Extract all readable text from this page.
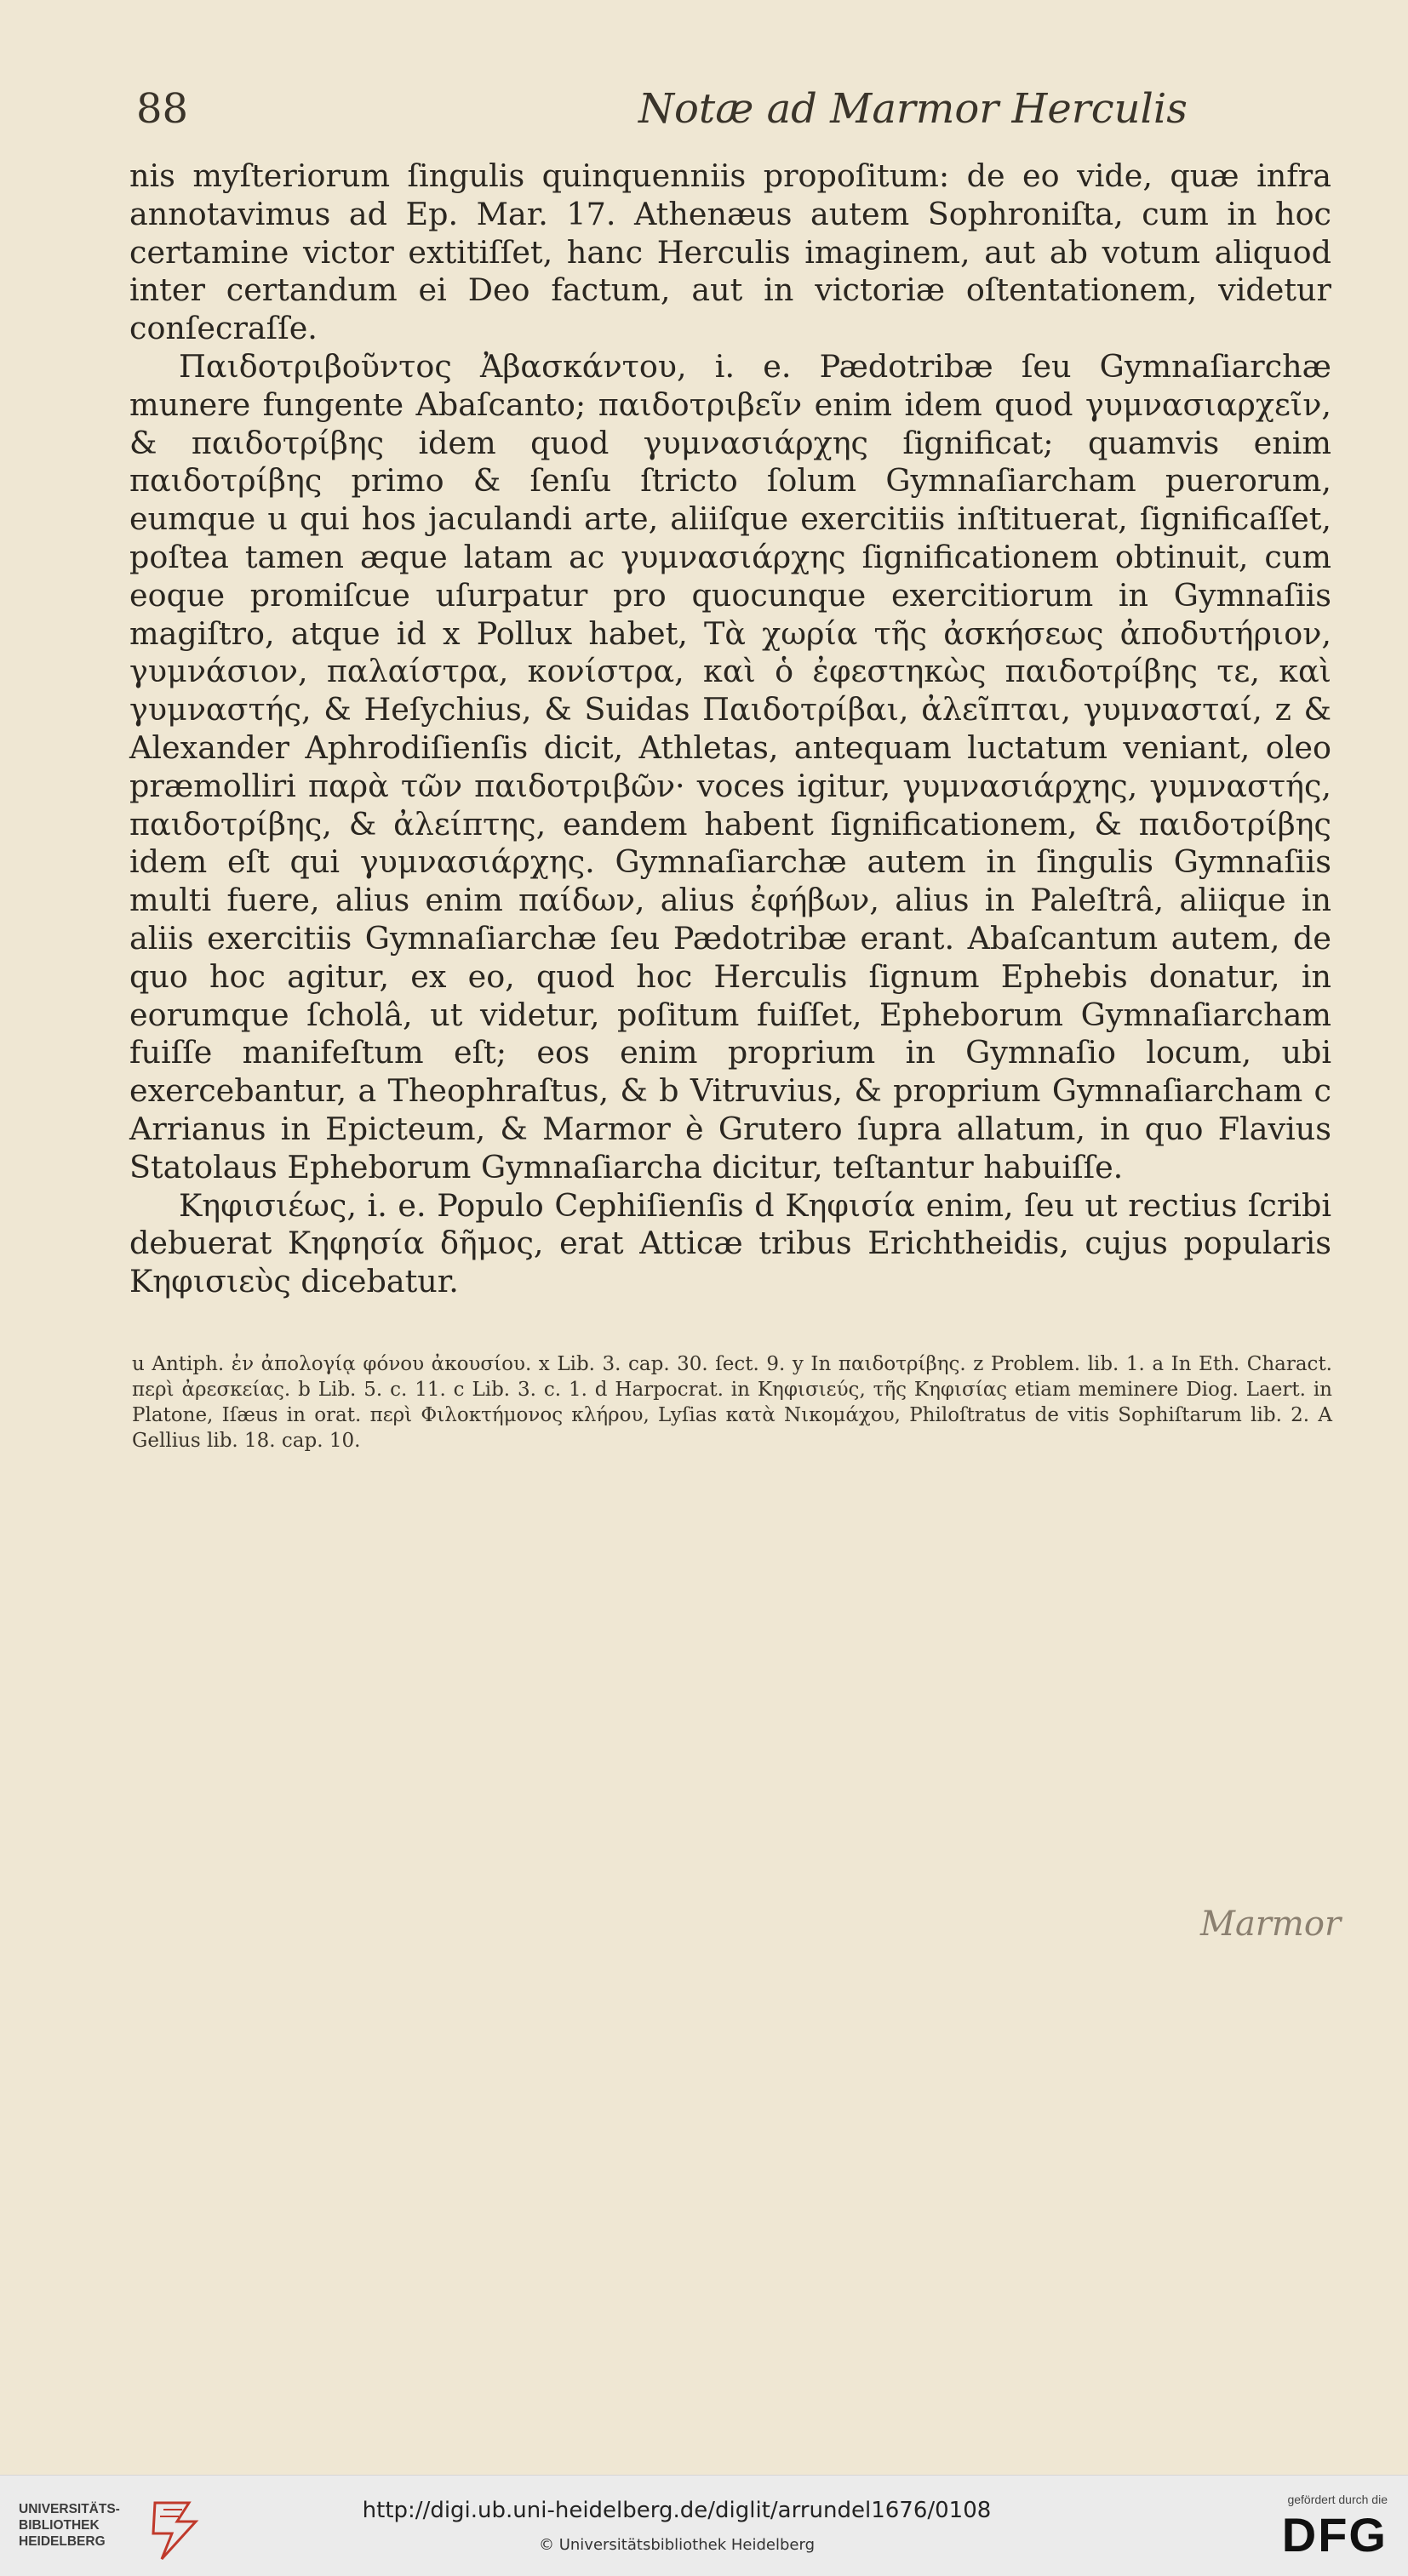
88	Notæ ad Marmor Herculis

nis myſteriorum ſingulis quinquenniis propoſitum: de eo vide, quæ infra annotavimus ad Ep. Mar. 17. Athenæus autem Sophroniſta, cum in hoc certamine victor extitiſſet, hanc Herculis imaginem, aut ab votum aliquod inter certandum ei Deo factum, aut in victoriæ oſtentationem, videtur conſecraſſe.

Παιδοτριβοῦντος Ἀβασκάντου, i. e. Pædotribæ ſeu Gymnaſiarchæ munere fungente Abaſcanto; παιδοτριβεῖν enim idem quod γυμνασιαρχεῖν, & παιδοτρίβης idem quod γυμνασιάρχης ſignificat; quamvis enim παιδοτρίβης primo & ſenſu ſtricto ſolum Gymnaſiarcham puerorum, eumque u qui hos jaculandi arte, aliiſque exercitiis inſtituerat, ſignificaſſet, poſtea tamen æque latam ac γυμνασιάρχης ſignificationem obtinuit, cum eoque promiſcue uſurpatur pro quocunque exercitiorum in Gymnaſiis magiſtro, atque id x Pollux habet, Τὰ χωρία τῆς ἀσκήσεως ἀποδυτήριον, γυμνάσιον, παλαίστρα, κονίστρα, καὶ ὁ ἐφεστηκὼς παιδοτρίβης τε, καὶ γυμναστής, & Heſychius, & Suidas Παιδοτρίβαι, ἀλεῖπται, γυμνασταί, z & Alexander Aphrodiſienſis dicit, Athletas, antequam luctatum veniant, oleo præmolliri παρὰ τῶν παιδοτριβῶν· voces igitur, γυμνασιάρχης, γυμναστής, παιδοτρίβης, & ἀλείπτης, eandem habent ſignificationem, & παιδοτρίβης idem eſt qui γυμνασιάρχης. Gymnaſiarchæ autem in ſingulis Gymnaſiis multi fuere, alius enim παίδων, alius ἐφήβων, alius in Paleſtrâ, aliique in aliis exercitiis Gymnaſiarchæ ſeu Pædotribæ erant. Abaſcantum autem, de quo hoc agitur, ex eo, quod hoc Herculis ſignum Ephebis donatur, in eorumque ſcholâ, ut videtur, poſitum fuiſſet, Epheborum Gymnaſiarcham fuiſſe manifeſtum eſt; eos enim proprium in Gymnaſio locum, ubi exercebantur, a Theophraſtus, & b Vitruvius, & proprium Gymnaſiarcham c Arrianus in Epicteum, & Marmor è Grutero ſupra allatum, in quo Flavius Statolaus Epheborum Gymnaſiarcha dicitur, teſtantur habuiſſe.

Κηφισιέως, i. e. Populo Cephiſienſis d Κηφισία enim, ſeu ut rectius ſcribi debuerat Κηφησία δῆμος, erat Atticæ tribus Erichtheidis, cujus popularis Κηφισιεὺς dicebatur.

u Antiph. ἐν ἀπολογίᾳ φόνου ἀκουσίου. x Lib. 3. cap. 30. ſect. 9. y In παιδοτρίβης. z Problem. lib. 1. a In Eth. Charact. περὶ ἀρεσκείας. b Lib. 5. c. 11. c Lib. 3. c. 1. d Harpocrat. in Κηφισιεύς, τῆς Κηφισίας etiam meminere Diog. Laert. in Platone, Iſæus in orat. περὶ Φιλοκτήμονος κλήρου, Lyſias κατὰ Νικομάχου, Philoſtratus de vitis Sophiſtarum lib. 2. A Gellius lib. 18. cap. 10.
Marmor
UNIVERSITÄTS-BIBLIOTHEK HEIDELBERG
http://digi.ub.uni-heidelberg.de/diglit/arrundel1676/0108
© Universitätsbibliothek Heidelberg
gefördert durch die
DFG
